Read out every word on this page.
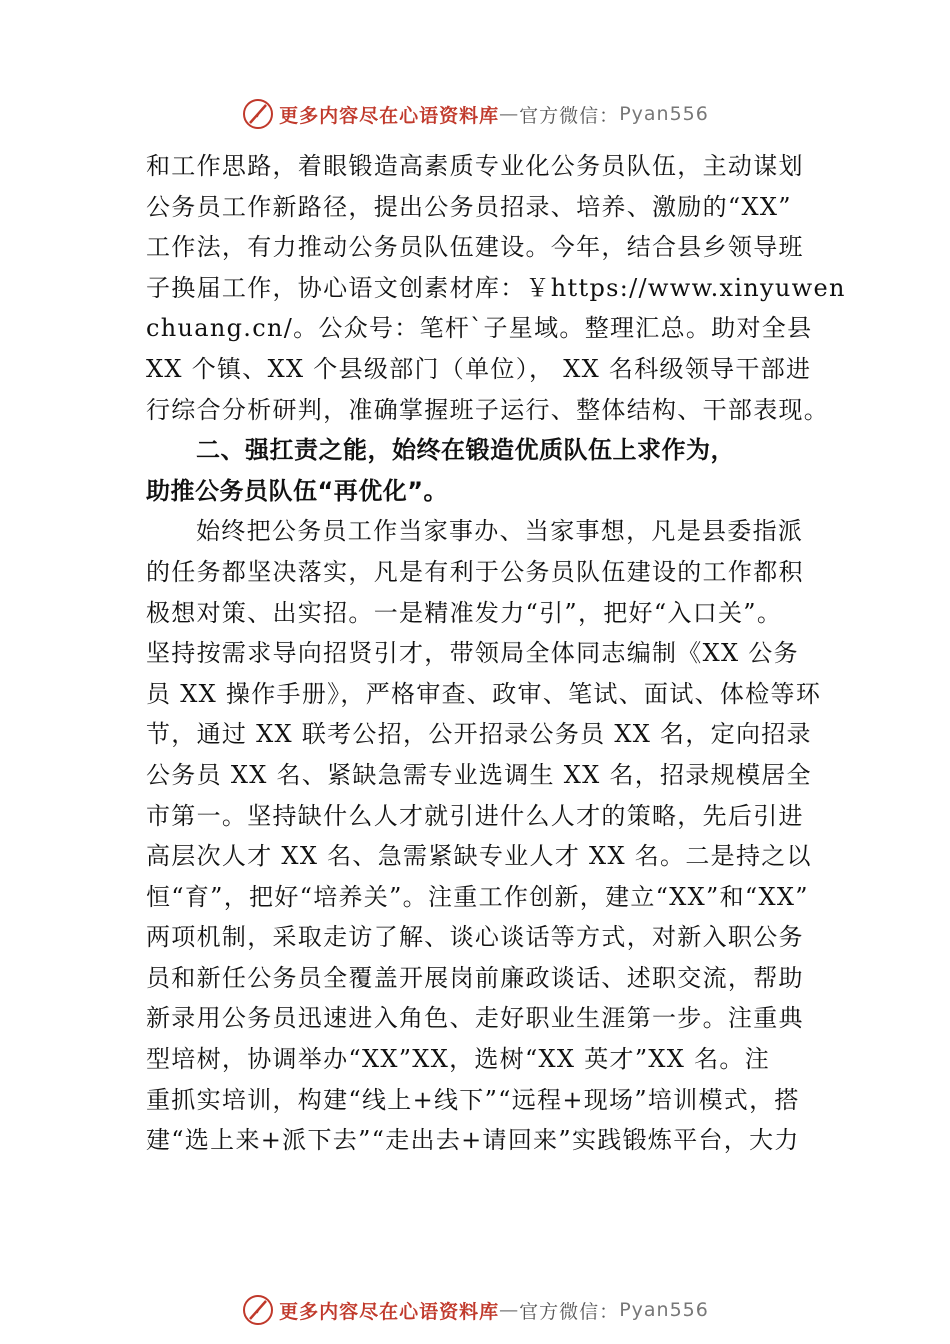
更多内容尽在心语资料库 — 官方微信： Pyan556
和工作思路，着眼锻造高素质专业化公务员队伍，主动谋划
公务员工作新路径，提出公务员招录、培养、激励的“XX”
工作法，有力推动公务员队伍建设。今年，结合县乡领导班
子换届工作，协心语文创素材库：￥https://www.xinyuwen
chuang.cn/。公众号：笔杆`子星域。整理汇总。助对全县
XX 个镇、XX 个县级部门（单位）， XX 名科级领导干部进
行综合分析研判，准确掌握班子运行、整体结构、干部表现。
二、强扛责之能，始终在锻造优质队伍上求作为，
助推公务员队伍“再优化”。
始终把公务员工作当家事办、当家事想，凡是县委指派
的任务都坚决落实，凡是有利于公务员队伍建设的工作都积
极想对策、出实招。一是精准发力“引”，把好“入口关”。
坚持按需求导向招贤引才，带领局全体同志编制《XX 公务
员 XX 操作手册》，严格审查、政审、笔试、面试、体检等环
节，通过 XX 联考公招，公开招录公务员 XX 名，定向招录
公务员 XX 名、紧缺急需专业选调生 XX 名，招录规模居全
市第一。坚持缺什么人才就引进什么人才的策略，先后引进
高层次人才 XX 名、急需紧缺专业人才 XX 名。二是持之以
恒“育”，把好“培养关”。注重工作创新，建立“XX”和“XX”
两项机制，采取走访了解、谈心谈话等方式，对新入职公务
员和新任公务员全覆盖开展岗前廉政谈话、述职交流，帮助
新录用公务员迅速进入角色、走好职业生涯第一步。注重典
型培树，协调举办“XX”XX，选树“XX 英才”XX 名。注
重抓实培训，构建“线上+线下”“远程+现场”培训模式，搭
建“选上来+派下去”“走出去+请回来”实践锻炼平台，大力
更多内容尽在心语资料库 — 官方微信： Pyan556
